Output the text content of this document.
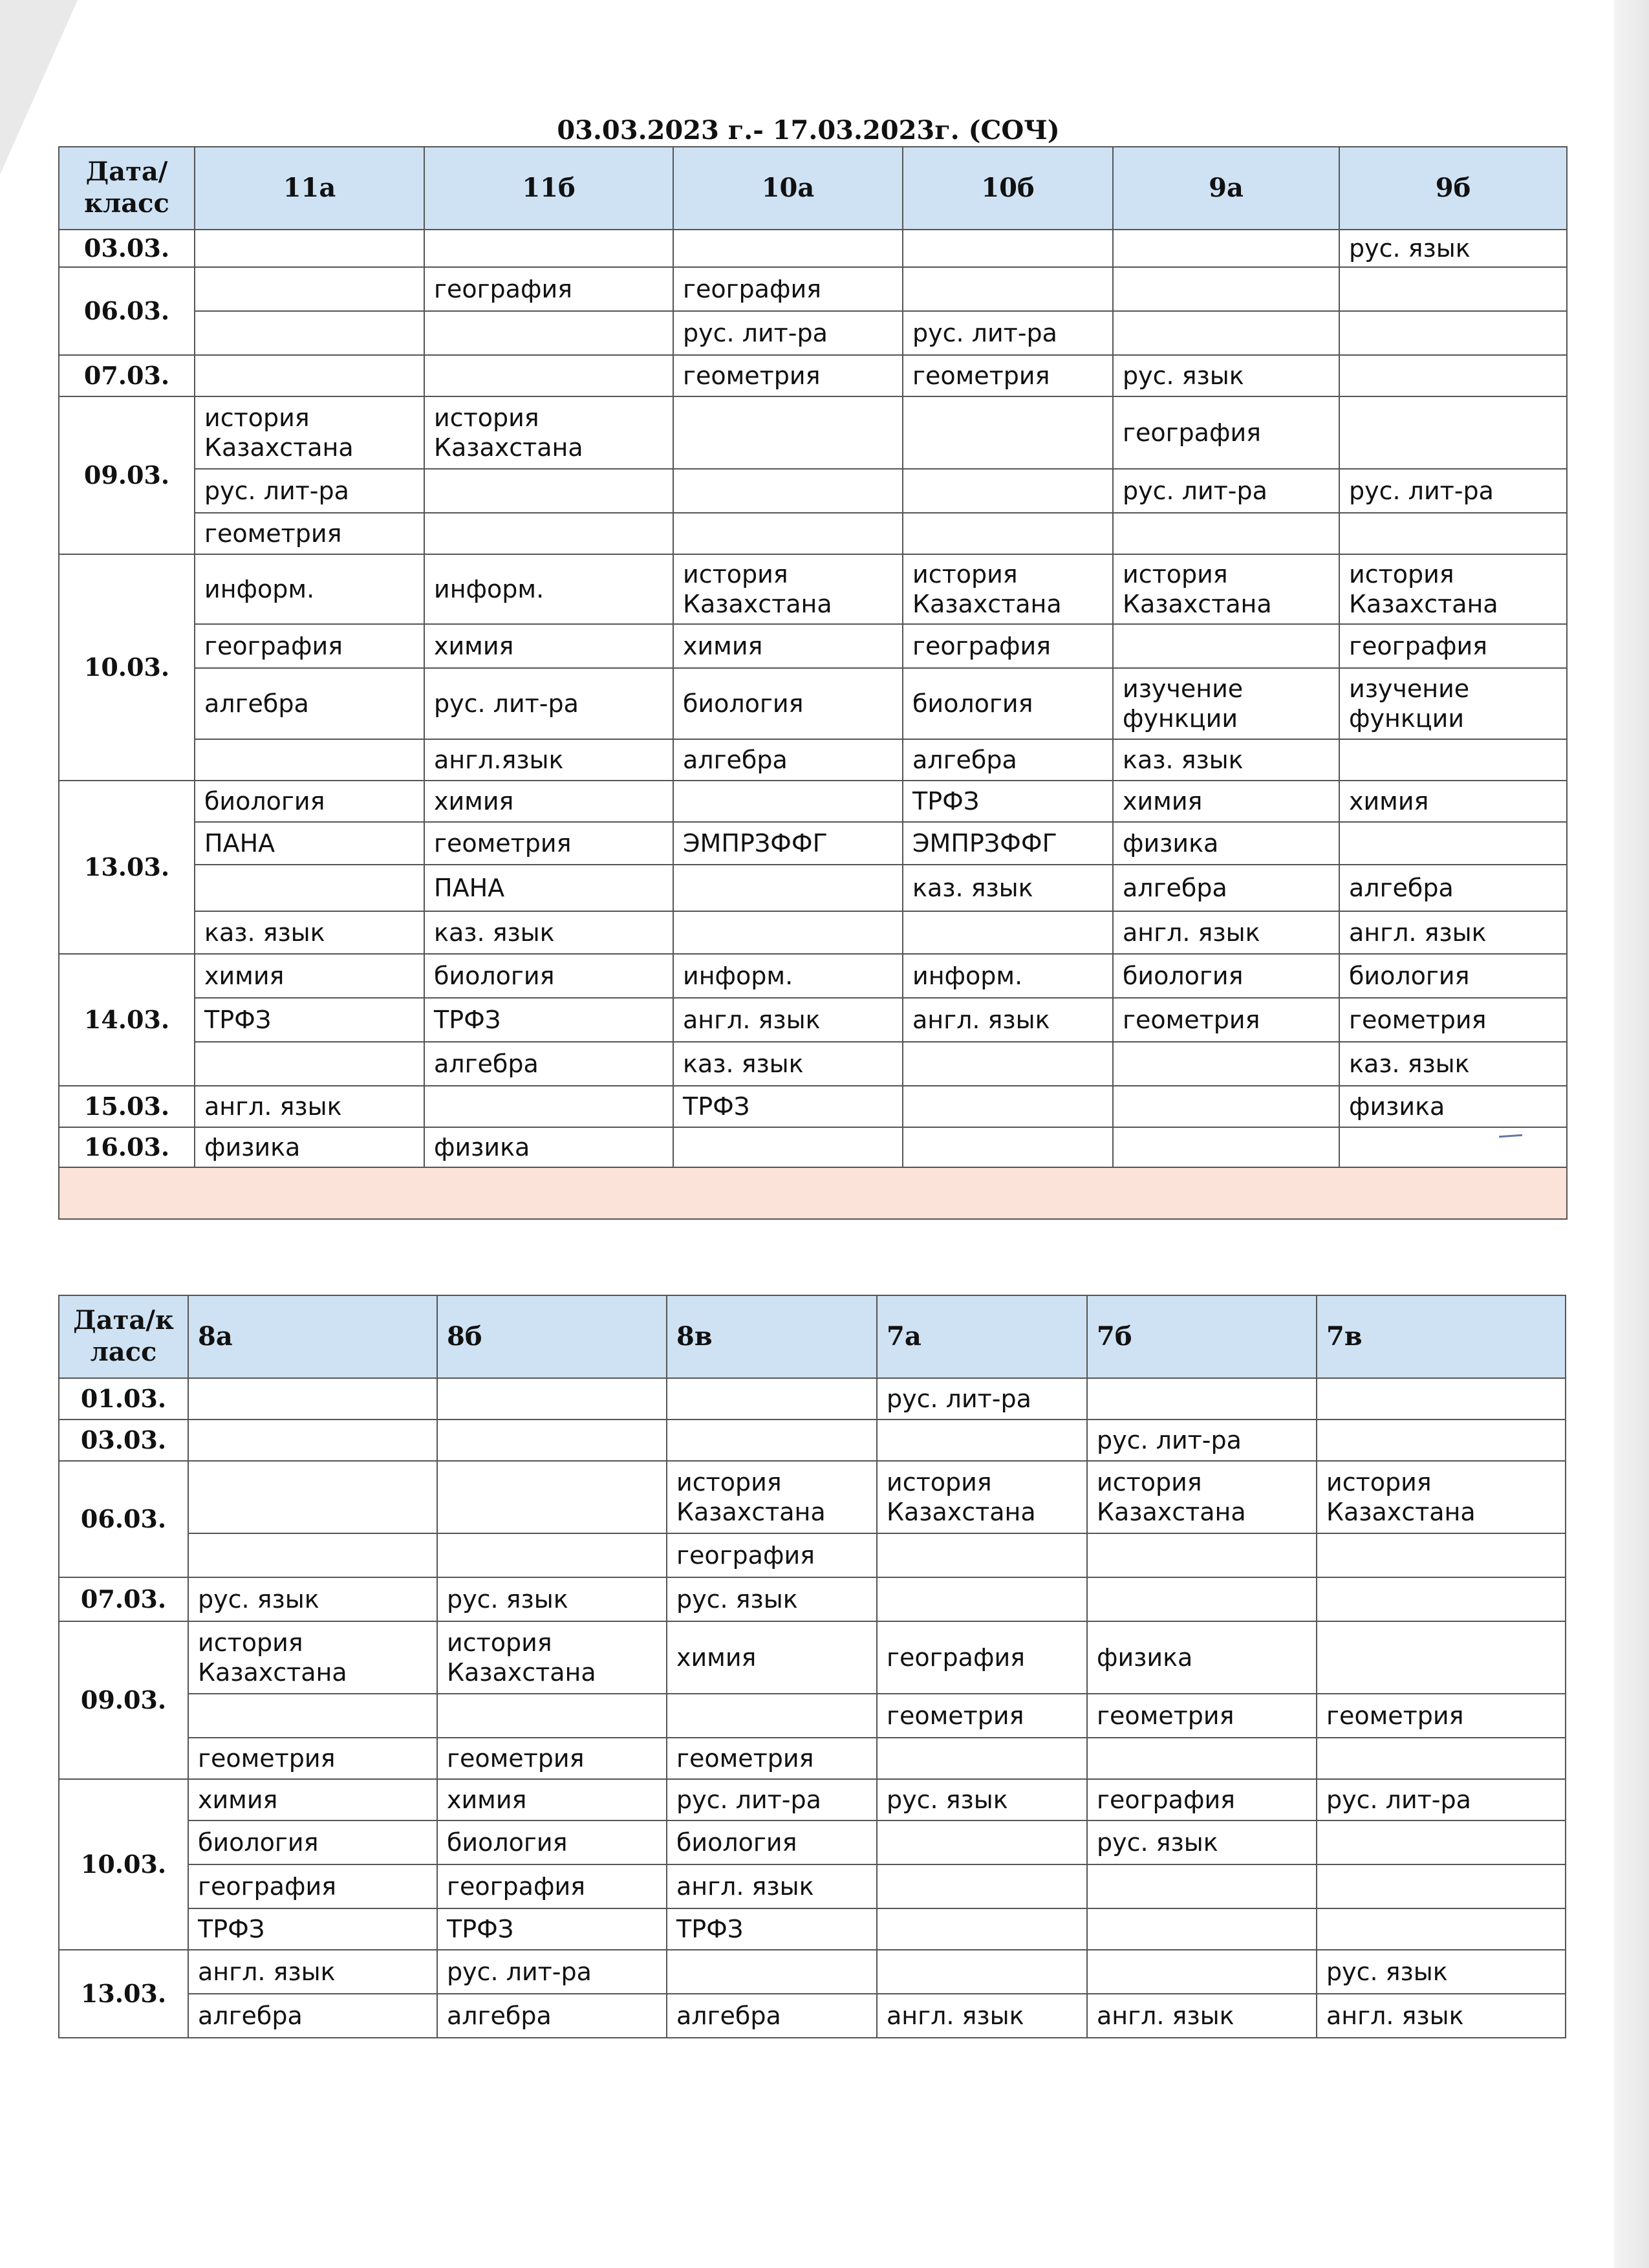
03.03.2023 г.- 17.03.2023г. (СОЧ)
Дата/ класс	11а	11б	10а	10б	9а	9б
03.03.						рус. язык
06.03.		география	география			
			рус. лит-ра	рус. лит-ра		
07.03.			геометрия	геометрия	рус. язык	
09.03.	история Казахстана	история Казахстана			география	
	рус. лит-ра				рус. лит-ра	рус. лит-ра
	геометрия					
10.03.	информ.	информ.	история Казахстана	история Казахстана	история Казахстана	история Казахстана
	география	химия	химия	география		география
	алгебра	рус. лит-ра	биология	биология	изучение функции	изучение функции
		англ.язык	алгебра	алгебра	каз. язык	
13.03.	биология	химия		ТРФЗ	химия	химия
	ПАНА	геометрия	ЭМПРЗФФГ	ЭМПРЗФФГ	физика	
		ПАНА		каз. язык	алгебра	алгебра
	каз. язык	каз. язык			англ. язык	англ. язык
14.03.	химия	биология	информ.	информ.	биология	биология
	ТРФЗ	ТРФЗ	англ. язык	англ. язык	геометрия	геометрия
		алгебра	каз. язык			каз. язык
15.03.	англ. язык		ТРФЗ			физика
16.03.	физика	физика				

Дата/к ласс	8а	8б	8в	7а	7б	7в
01.03.				рус. лит-ра		
03.03.					рус. лит-ра	
06.03.			история Казахстана	история Казахстана	история Казахстана	история Казахстана
			география			
07.03.	рус. язык	рус. язык	рус. язык			
09.03.	история Казахстана	история Казахстана	химия	география	физика	
				геометрия	геометрия	геометрия
	геометрия	геометрия	геометрия			
10.03.	химия	химия	рус. лит-ра	рус. язык	география	рус. лит-ра
	биология	биология	биология		рус. язык	
	география	география	англ. язык			
	ТРФЗ	ТРФЗ	ТРФЗ			
13.03.	англ. язык	рус. лит-ра				рус. язык
	алгебра	алгебра	алгебра	англ. язык	англ. язык	англ. язык
